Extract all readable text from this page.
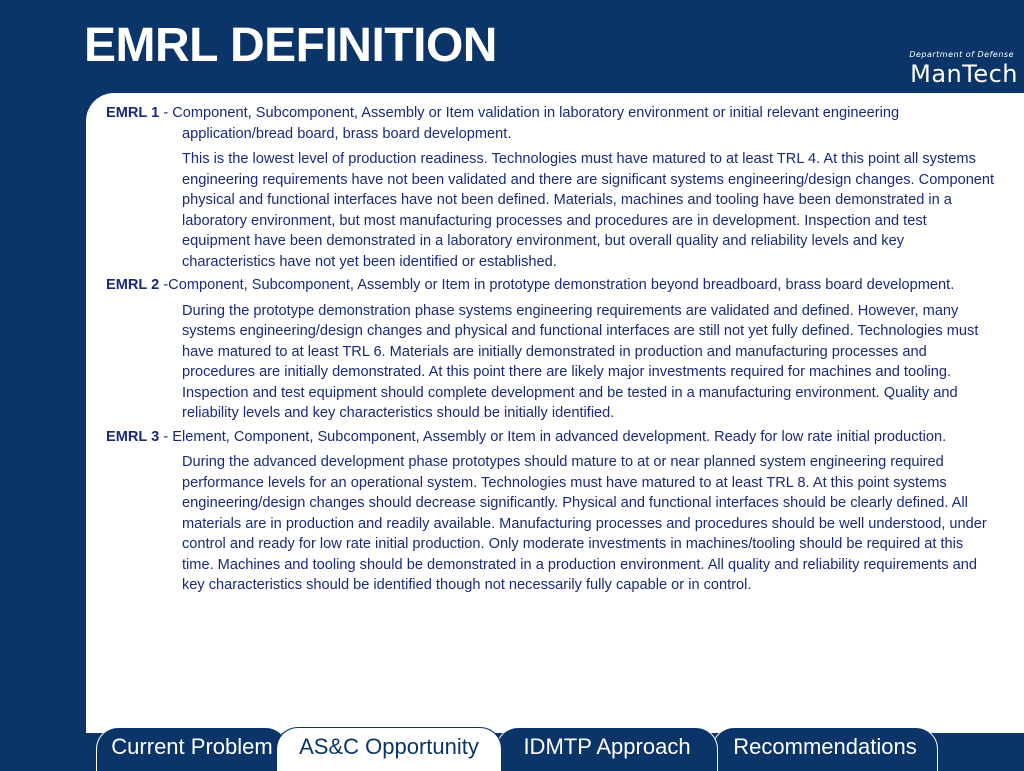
EMRL DEFINITION	Department of Defense
ManTech
EMRL 1 - Component, Subcomponent, Assembly or Item validation in laboratory environment or initial relevant engineering application/bread board, brass board development.
This is the lowest level of production readiness. Technologies must have matured to at least TRL 4. At this point all systems engineering requirements have not been validated and there are significant systems engineering/design changes. Component physical and functional interfaces have not been defined. Materials, machines and tooling have been demonstrated in a laboratory environment, but most manufacturing processes and procedures are in development. Inspection and test equipment have been demonstrated in a laboratory environment, but overall quality and reliability levels and key characteristics have not yet been identified or established.
EMRL 2 -Component, Subcomponent, Assembly or Item in prototype demonstration beyond breadboard, brass board development.
During the prototype demonstration phase systems engineering requirements are validated and defined. However, many systems engineering/design changes and physical and functional interfaces are still not yet fully defined. Technologies must have matured to at least TRL 6. Materials are initially demonstrated in production and manufacturing processes and procedures are initially demonstrated. At this point there are likely major investments required for machines and tooling. Inspection and test equipment should complete development and be tested in a manufacturing environment. Quality and reliability levels and key characteristics should be initially identified.
EMRL 3 - Element, Component, Subcomponent, Assembly or Item in advanced development. Ready for low rate initial production.
During the advanced development phase prototypes should mature to at or near planned system engineering required performance levels for an operational system. Technologies must have matured to at least TRL 8. At this point systems engineering/design changes should decrease significantly. Physical and functional interfaces should be clearly defined. All materials are in production and readily available. Manufacturing processes and procedures should be well understood, under control and ready for low rate initial production. Only moderate investments in machines/tooling should be required at this time. Machines and tooling should be demonstrated in a production environment. All quality and reliability requirements and key characteristics should be identified though not necessarily fully capable or in control.
Current Problem	AS&C Opportunity	IDMTP Approach	Recommendations
